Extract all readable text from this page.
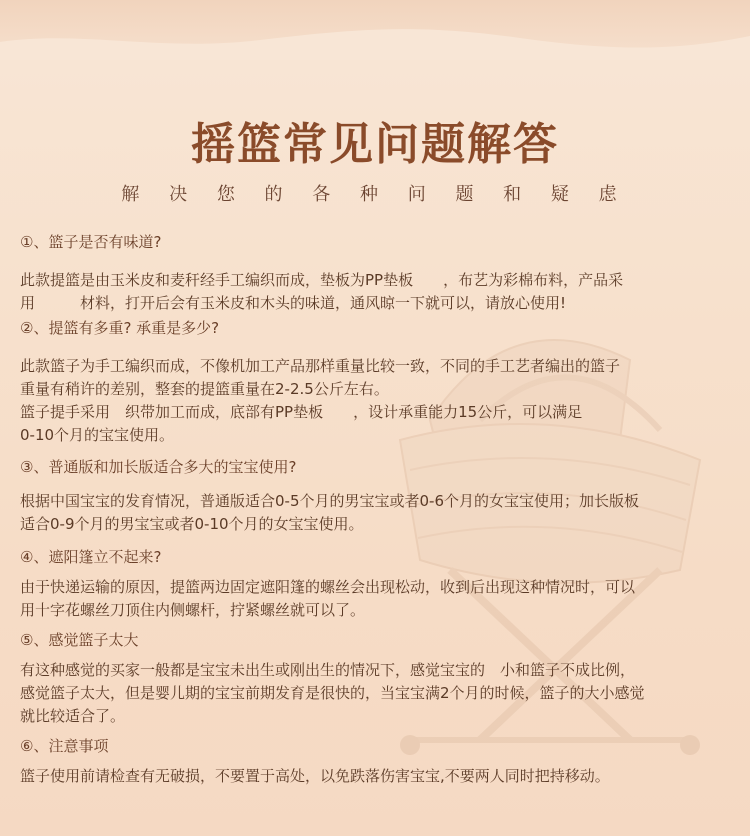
摇篮常见问题解答
解 决 您 的 各 种 问 题 和 疑 虑
①、篮子是否有味道?
此款提篮是由玉米皮和麦秆经手工编织而成，垫板为PP垫板　　，布艺为彩棉布料，产品采
用　　　材料，打开后会有玉米皮和木头的味道，通风晾一下就可以，请放心使用!
②、提篮有多重? 承重是多少?
此款篮子为手工编织而成，不像机加工产品那样重量比较一致，不同的手工艺者编出的篮子
重量有稍许的差别，整套的提篮重量在2-2.5公斤左右。
篮子提手采用　织带加工而成，底部有PP垫板　　，设计承重能力15公斤，可以满足
0-10个月的宝宝使用。
③、普通版和加长版适合多大的宝宝使用?
根据中国宝宝的发育情况，普通版适合0-5个月的男宝宝或者0-6个月的女宝宝使用；加长版板
适合0-9个月的男宝宝或者0-10个月的女宝宝使用。
④、遮阳篷立不起来?
由于快递运输的原因，提篮两边固定遮阳篷的螺丝会出现松动，收到后出现这种情况时，可以
用十字花螺丝刀顶住内侧螺杆，拧紧螺丝就可以了。
⑤、感觉篮子太大
有这种感觉的买家一般都是宝宝未出生或刚出生的情况下，感觉宝宝的　小和篮子不成比例，
感觉篮子太大，但是婴儿期的宝宝前期发育是很快的，当宝宝满2个月的时候，篮子的大小感觉
就比较适合了。
⑥、注意事项
篮子使用前请检查有无破损，不要置于高处，以免跌落伤害宝宝,不要两人同时把持移动。
